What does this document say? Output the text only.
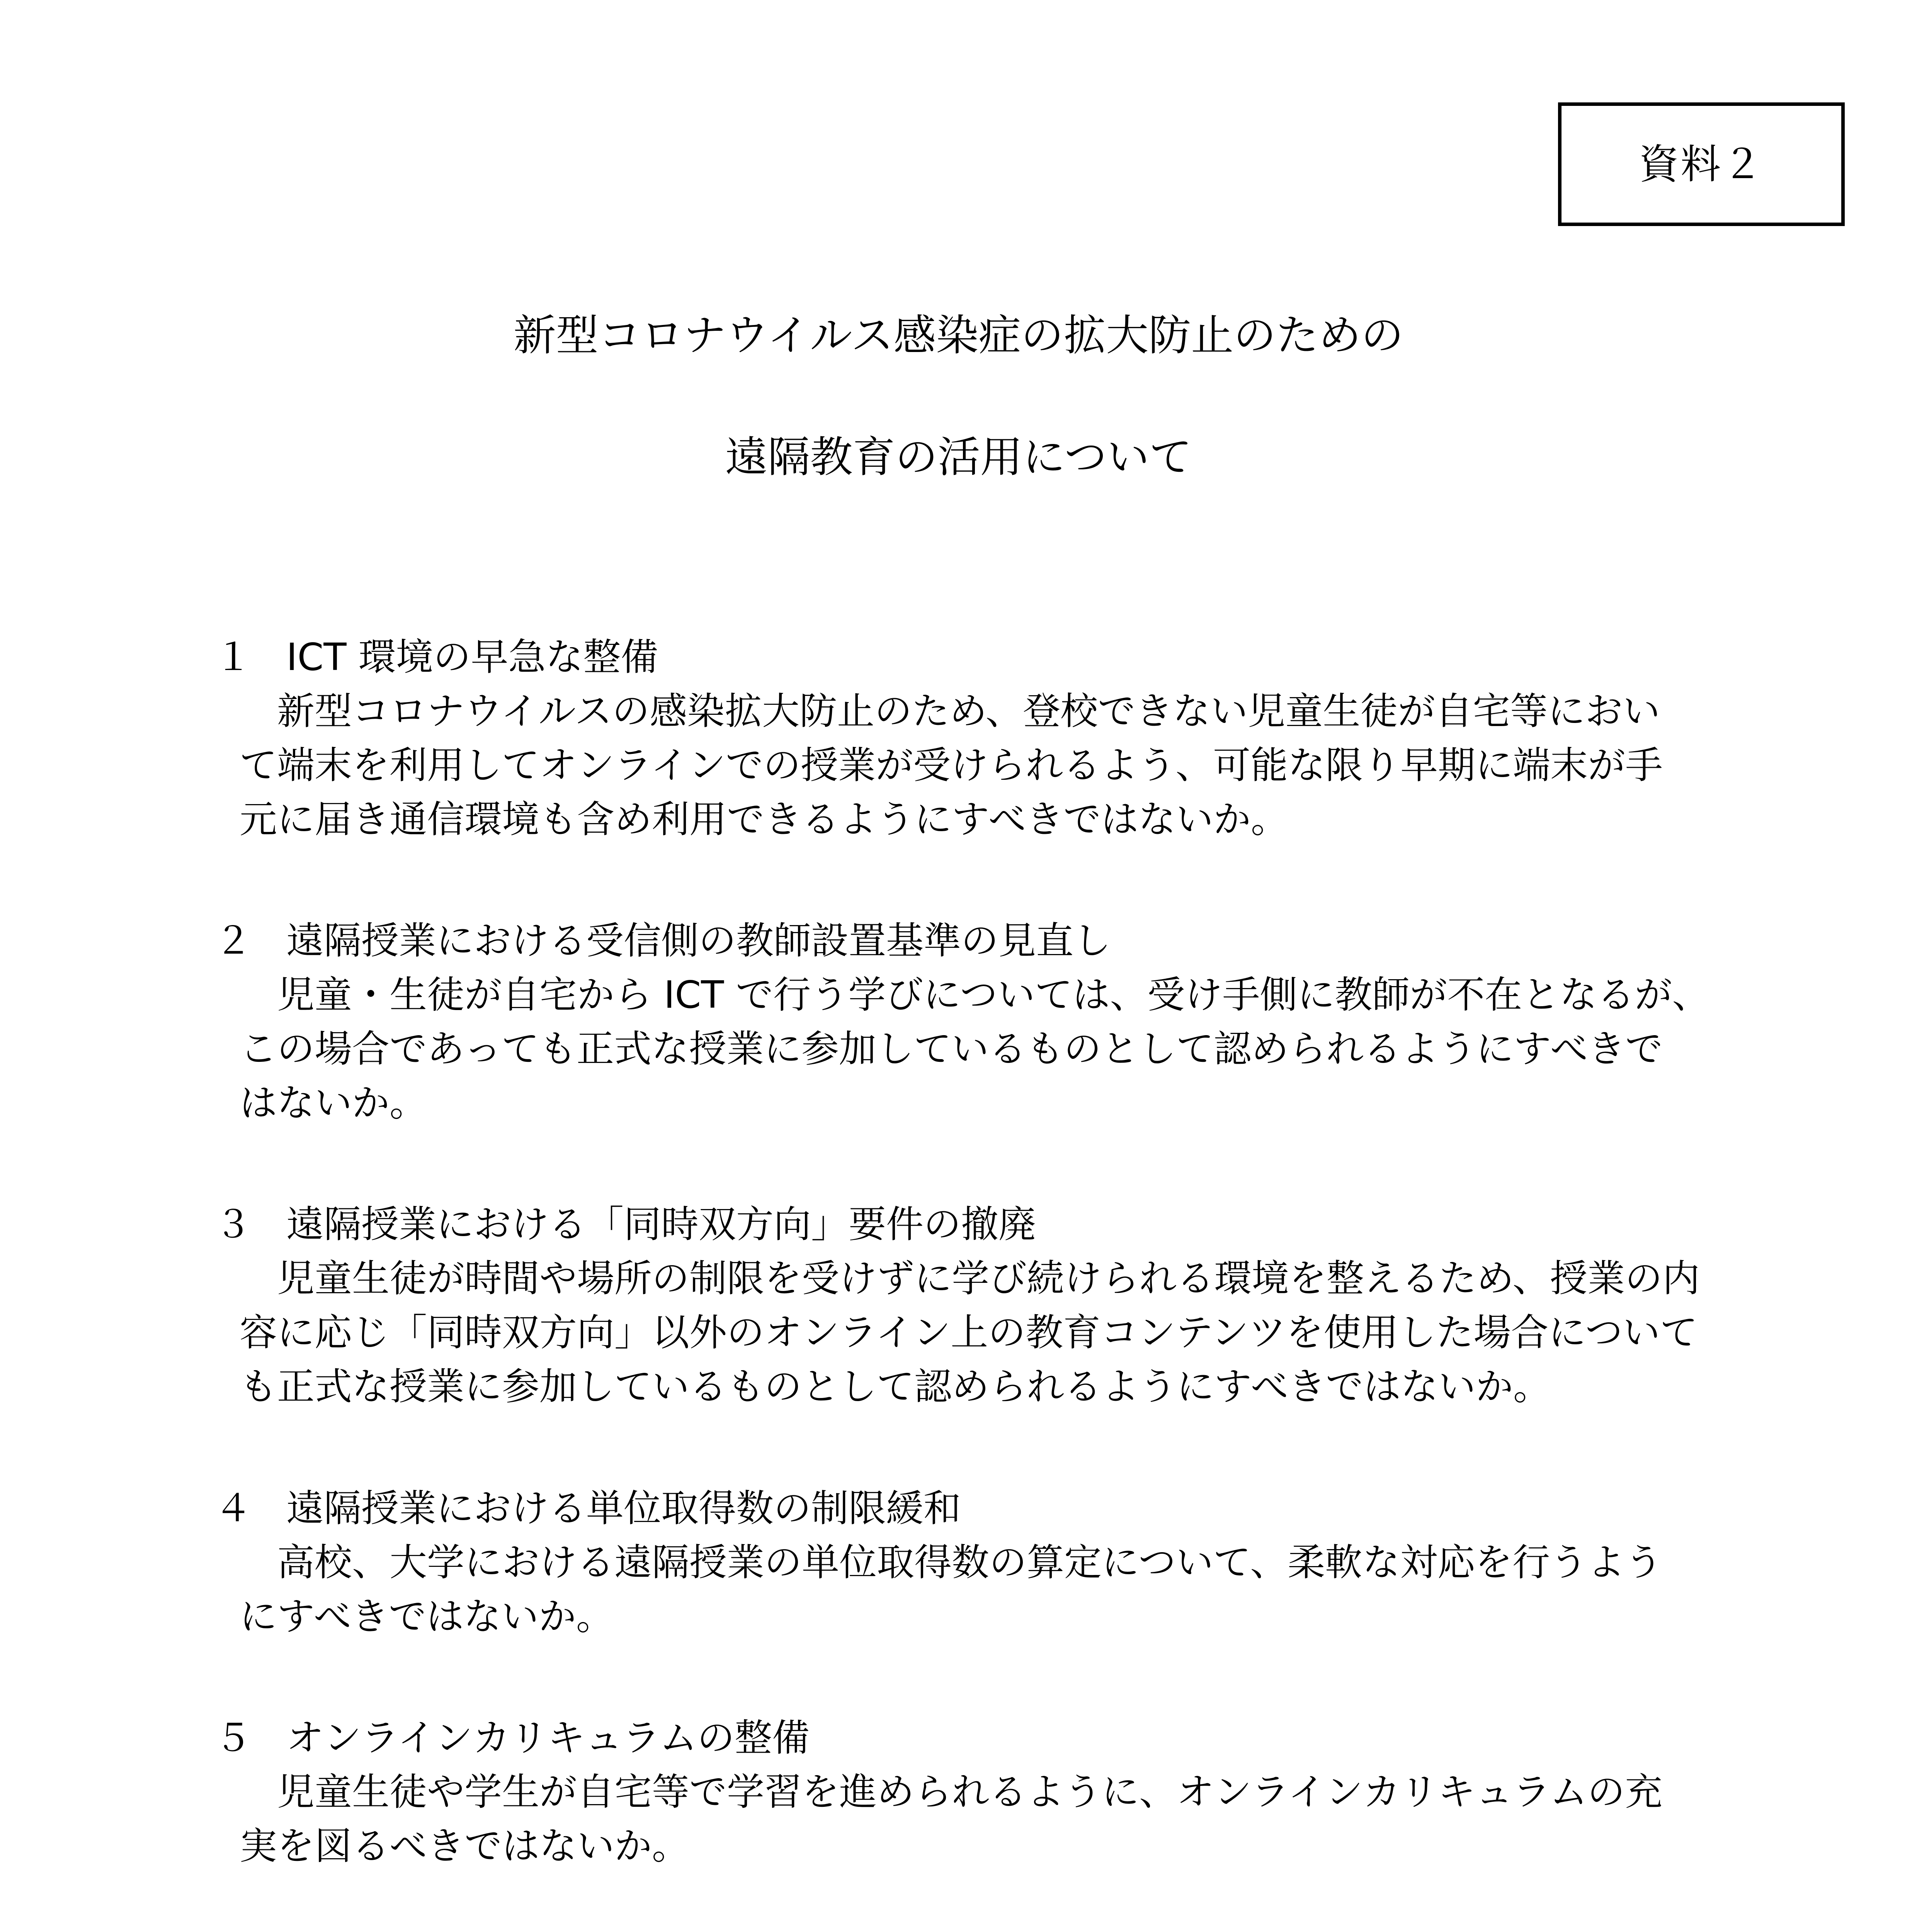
資料２
新型コロナウイルス感染症の拡大防止のための
遠隔教育の活用について
１ ICT 環境の早急な整備
　新型コロナウイルスの感染拡大防止のため、登校できない児童生徒が自宅等におい
て端末を利用してオンラインでの授業が受けられるよう、可能な限り早期に端末が手
元に届き通信環境も含め利用できるようにすべきではないか。
２ 遠隔授業における受信側の教師設置基準の見直し
　児童・生徒が自宅から ICT で行う学びについては、受け手側に教師が不在となるが、
この場合であっても正式な授業に参加しているものとして認められるようにすべきで
はないか。
３ 遠隔授業における「同時双方向」要件の撤廃
　児童生徒が時間や場所の制限を受けずに学び続けられる環境を整えるため、授業の内
容に応じ「同時双方向」以外のオンライン上の教育コンテンツを使用した場合について
も正式な授業に参加しているものとして認められるようにすべきではないか。
４ 遠隔授業における単位取得数の制限緩和
　高校、大学における遠隔授業の単位取得数の算定について、柔軟な対応を行うよう
にすべきではないか。
５ オンラインカリキュラムの整備
　児童生徒や学生が自宅等で学習を進められるように、オンラインカリキュラムの充
実を図るべきではないか。
